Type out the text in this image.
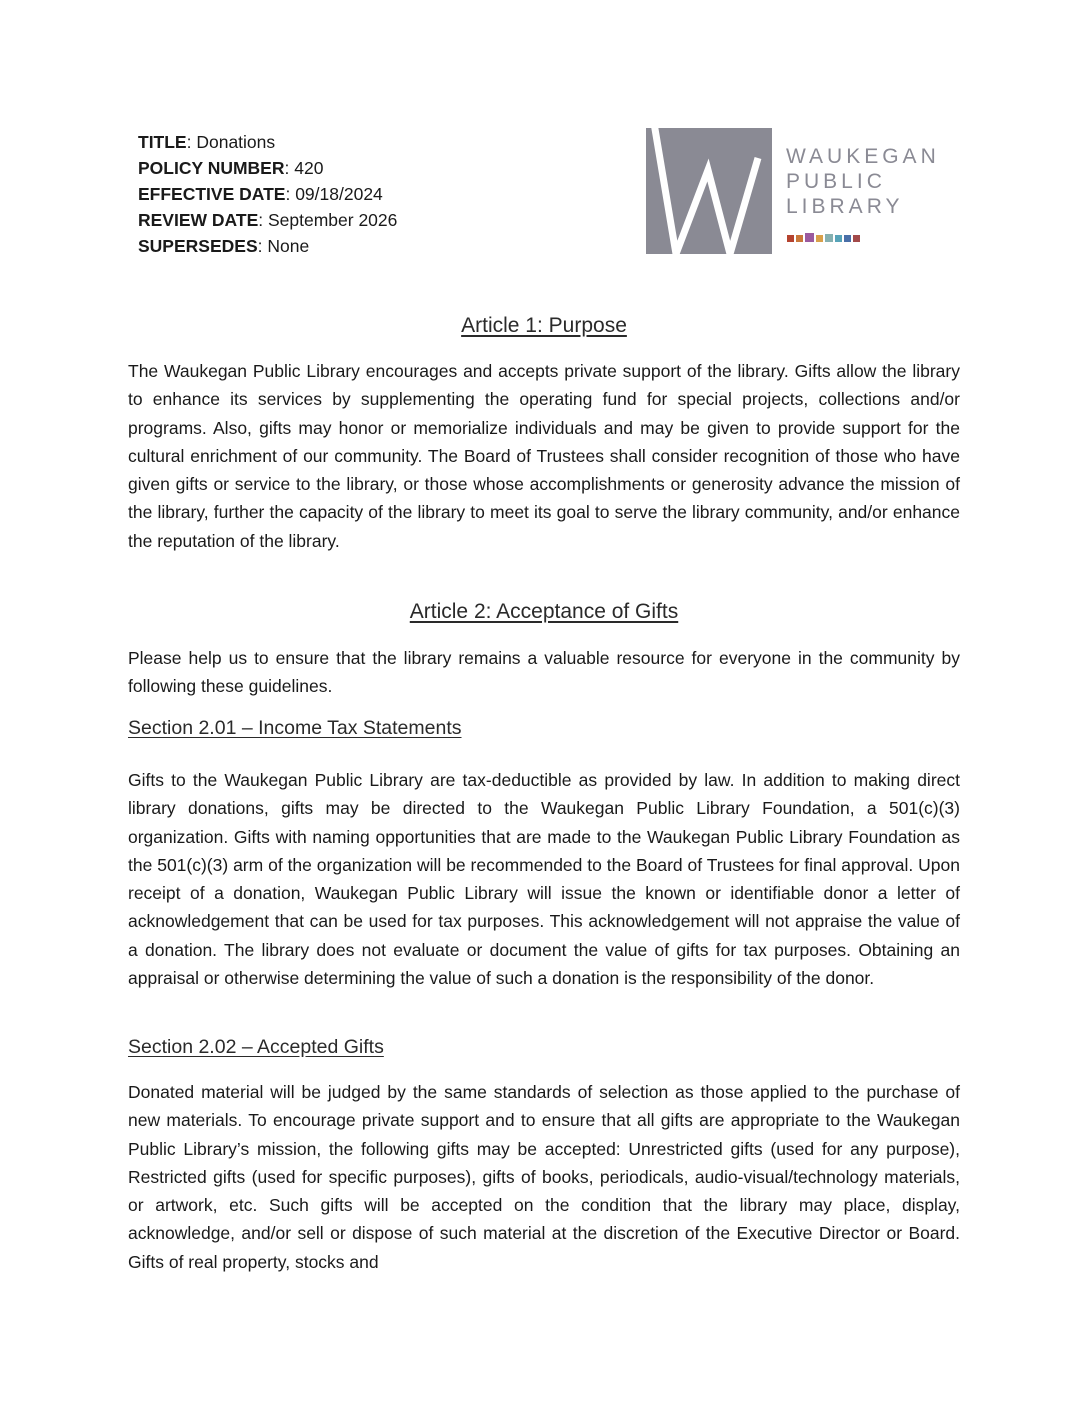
TITLE: Donations
POLICY NUMBER: 420
EFFECTIVE DATE: 09/18/2024
REVIEW DATE: September 2026
SUPERSEDES: None
WAUKEGAN
PUBLIC
LIBRARY
Article 1: Purpose

The Waukegan Public Library encourages and accepts private support of the library. Gifts allow the library to enhance its services by supplementing the operating fund for special projects, collections and/or programs. Also, gifts may honor or memorialize individuals and may be given to provide support for the cultural enrichment of our community. The Board of Trustees shall consider recognition of those who have given gifts or service to the library, or those whose accomplishments or generosity advance the mission of the library, further the capacity of the library to meet its goal to serve the library community, and/or enhance the reputation of the library.

Article 2: Acceptance of Gifts

Please help us to ensure that the library remains a valuable resource for everyone in the community by following these guidelines.

Section 2.01 – Income Tax Statements

Gifts to the Waukegan Public Library are tax-deductible as provided by law. In addition to making direct library donations, gifts may be directed to the Waukegan Public Library Foundation, a 501(c)(3) organization. Gifts with naming opportunities that are made to the Waukegan Public Library Foundation as the 501(c)(3) arm of the organization will be recommended to the Board of Trustees for final approval. Upon receipt of a donation, Waukegan Public Library will issue the known or identifiable donor a letter of acknowledgement that can be used for tax purposes. This acknowledgement will not appraise the value of a donation. The library does not evaluate or document the value of gifts for tax purposes. Obtaining an appraisal or otherwise determining the value of such a donation is the responsibility of the donor.

Section 2.02 – Accepted Gifts

Donated material will be judged by the same standards of selection as those applied to the purchase of new materials. To encourage private support and to ensure that all gifts are appropriate to the Waukegan Public Library’s mission, the following gifts may be accepted: Unrestricted gifts (used for any purpose), Restricted gifts (used for specific purposes), gifts of books, periodicals, audio-visual/technology materials, or artwork, etc. Such gifts will be accepted on the condition that the library may place, display, acknowledge, and/or sell or dispose of such material at the discretion of the Executive Director or Board. Gifts of real property, stocks and
